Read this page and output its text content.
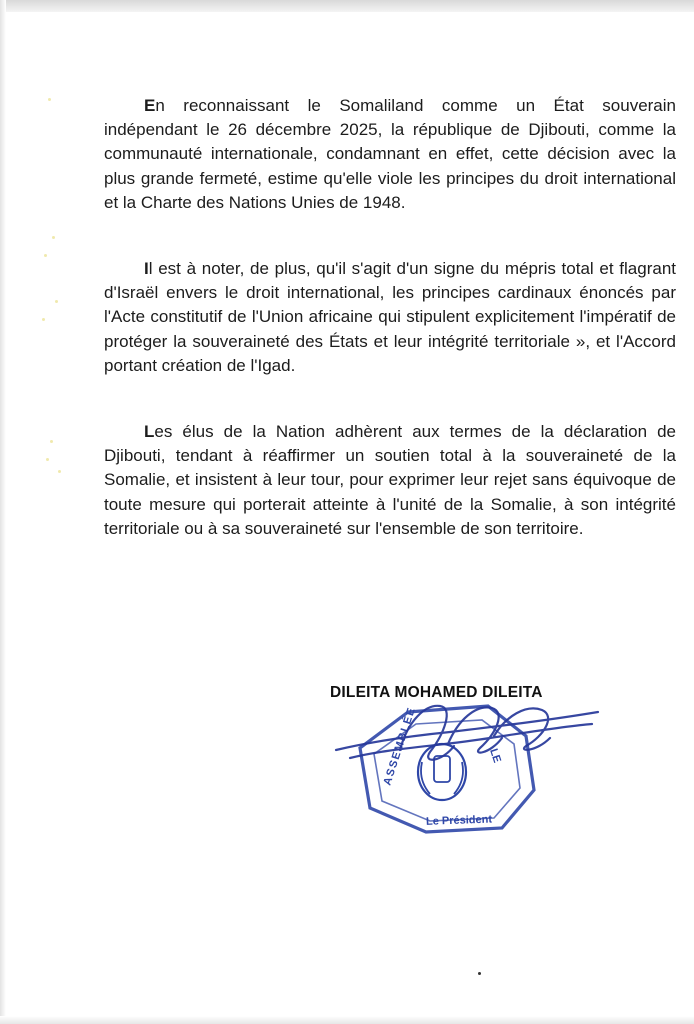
En reconnaissant le Somaliland comme un État souverain indépendant le 26 décembre 2025, la république de Djibouti, comme la communauté internationale, condamnant en effet, cette décision avec la plus grande fermeté, estime qu'elle viole les principes du droit international et la Charte des Nations Unies de 1948.

Il est à noter, de plus, qu'il s'agit d'un signe du mépris total et flagrant d'Israël envers le droit international, les principes cardinaux énoncés par l'Acte constitutif de l'Union africaine qui stipulent explicitement l'impératif de protéger la souveraineté des États et leur intégrité territoriale », et l'Accord portant création de l'Igad.

Les élus de la Nation adhèrent aux termes de la déclaration de Djibouti, tendant à réaffirmer un soutien total à la souveraineté de la Somalie, et insistent à leur tour, pour exprimer leur rejet sans équivoque de toute mesure qui porterait atteinte à l'unité de la Somalie, à son intégrité territoriale ou à sa souveraineté sur l'ensemble de son territoire.

ASSEMBLÉE	LE
Le Président
DILEITA MOHAMED DILEITA
